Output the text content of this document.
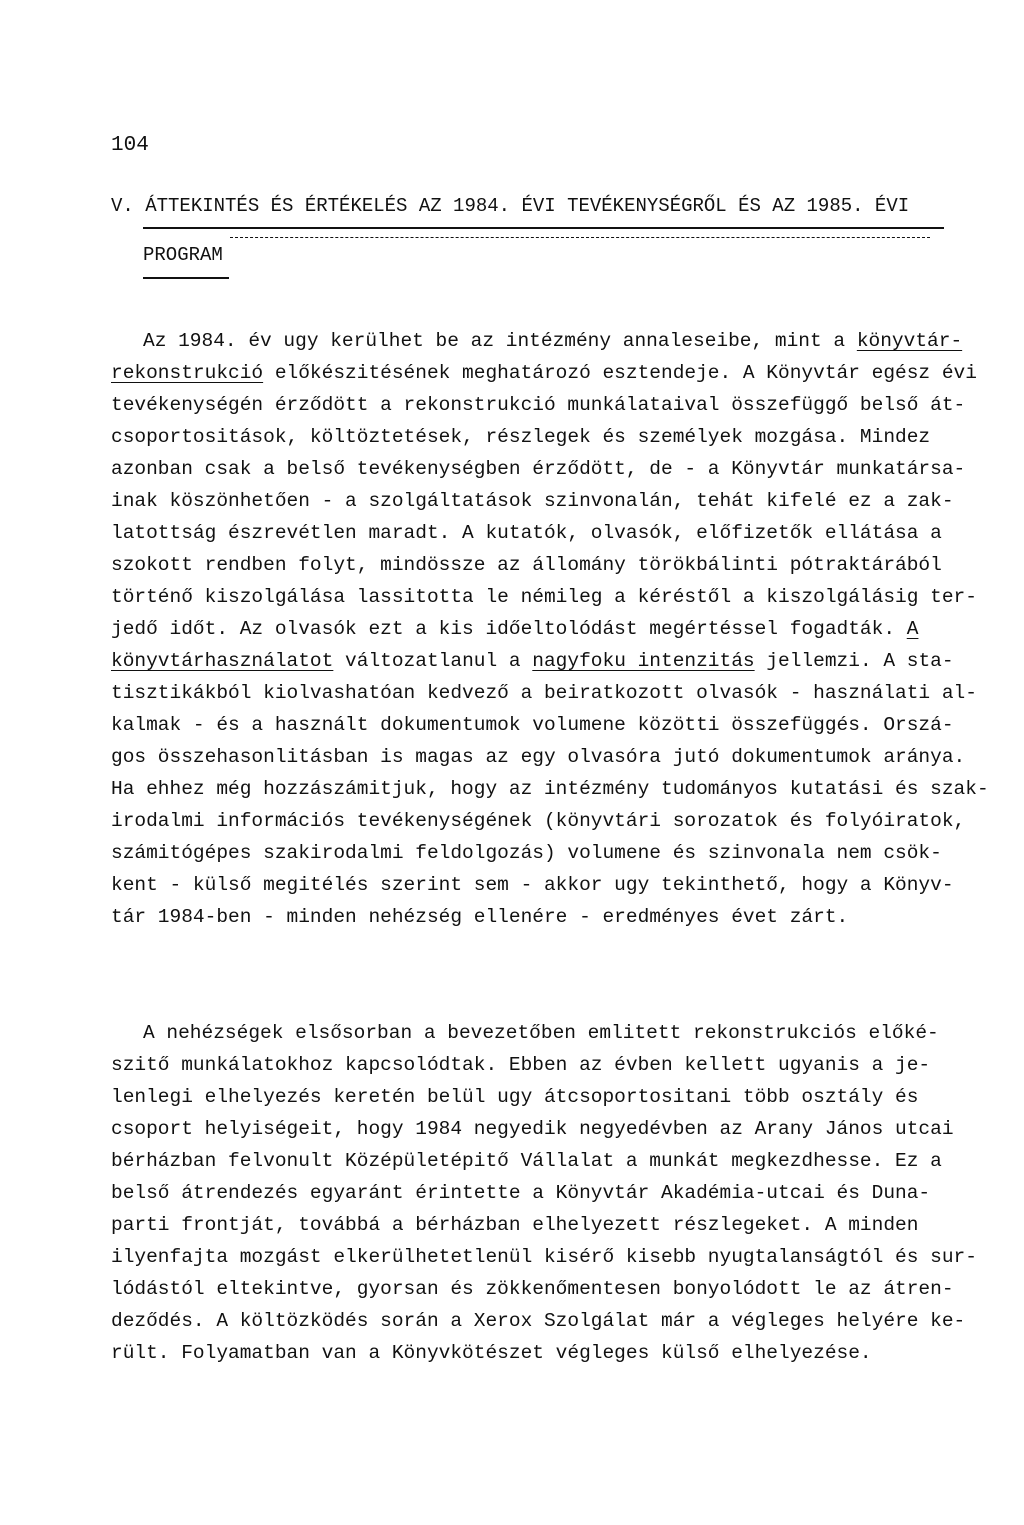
104
V. ÁTTEKINTÉS ÉS ÉRTÉKELÉS AZ 1984. ÉVI TEVÉKENYSÉGRŐL ÉS AZ 1985. ÉVI
PROGRAM
Az 1984. év ugy kerülhet be az intézmény annaleseibe, mint a könyvtár-
rekonstrukció előkészitésének meghatározó esztendeje. A Könyvtár egész évi
tevékenységén érződött a rekonstrukció munkálataival összefüggő belső át-
csoportositások, költöztetések, részlegek és személyek mozgása. Mindez
azonban csak a belső tevékenységben érződött, de - a Könyvtár munkatársa-
inak köszönhetően - a szolgáltatások szinvonalán, tehát kifelé ez a zak-
latottság észrevétlen maradt. A kutatók, olvasók, előfizetők ellátása a
szokott rendben folyt, mindössze az állomány törökbálinti pótraktárából
történő kiszolgálása lassitotta le némileg a kéréstől a kiszolgálásig ter-
jedő időt. Az olvasók ezt a kis időeltolódást megértéssel fogadták. A
könyvtárhasználatot változatlanul a nagyfoku intenzitás jellemzi. A sta-
tisztikákból kiolvashatóan kedvező a beiratkozott olvasók - használati al-
kalmak - és a használt dokumentumok volumene közötti összefüggés. Orszá-
gos összehasonlitásban is magas az egy olvasóra jutó dokumentumok aránya.
Ha ehhez még hozzászámitjuk, hogy az intézmény tudományos kutatási és szak-
irodalmi információs tevékenységének (könyvtári sorozatok és folyóiratok,
számitógépes szakirodalmi feldolgozás) volumene és szinvonala nem csök-
kent - külső megitélés szerint sem - akkor ugy tekinthető, hogy a Könyv-
tár 1984-ben - minden nehézség ellenére - eredményes évet zárt.
A nehézségek elsősorban a bevezetőben emlitett rekonstrukciós előké-
szitő munkálatokhoz kapcsolódtak. Ebben az évben kellett ugyanis a je-
lenlegi elhelyezés keretén belül ugy átcsoportositani több osztály és
csoport helyiségeit, hogy 1984 negyedik negyedévben az Arany János utcai
bérházban felvonult Középületépitő Vállalat a munkát megkezdhesse. Ez a
belső átrendezés egyaránt érintette a Könyvtár Akadémia-utcai és Duna-
parti frontját, továbbá a bérházban elhelyezett részlegeket. A minden
ilyenfajta mozgást elkerülhetetlenül kisérő kisebb nyugtalanságtól és sur-
lódástól eltekintve, gyorsan és zökkenőmentesen bonyolódott le az átren-
deződés. A költözködés során a Xerox Szolgálat már a végleges helyére ke-
rült. Folyamatban van a Könyvkötészet végleges külső elhelyezése.
